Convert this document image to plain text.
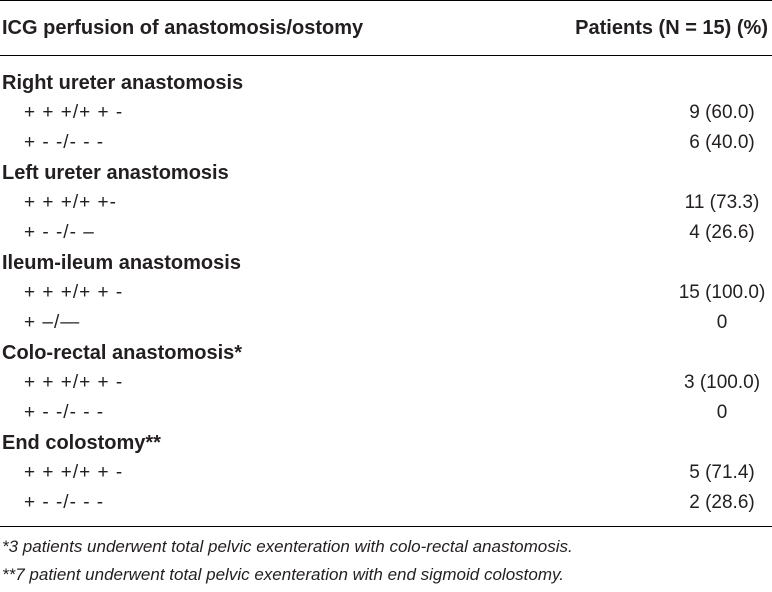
ICG perfusion of anastomosis/ostomy	Patients (N = 15) (%)
Right ureter anastomosis
+ + +/+ + -	9 (60.0)
+ - -/- - -	6 (40.0)
Left ureter anastomosis
+ + +/+ +-	11 (73.3)
+ - -/- –	4 (26.6)
Ileum-ileum anastomosis
+ + +/+ + -	15 (100.0)
+ –/—	0
Colo-rectal anastomosis*
+ + +/+ + -	3 (100.0)
+ - -/- - -	0
End colostomy**
+ + +/+ + -	5 (71.4)
+ - -/- - -	2 (28.6)
*3 patients underwent total pelvic exenteration with colo-rectal anastomosis.
**7 patient underwent total pelvic exenteration with end sigmoid colostomy.
